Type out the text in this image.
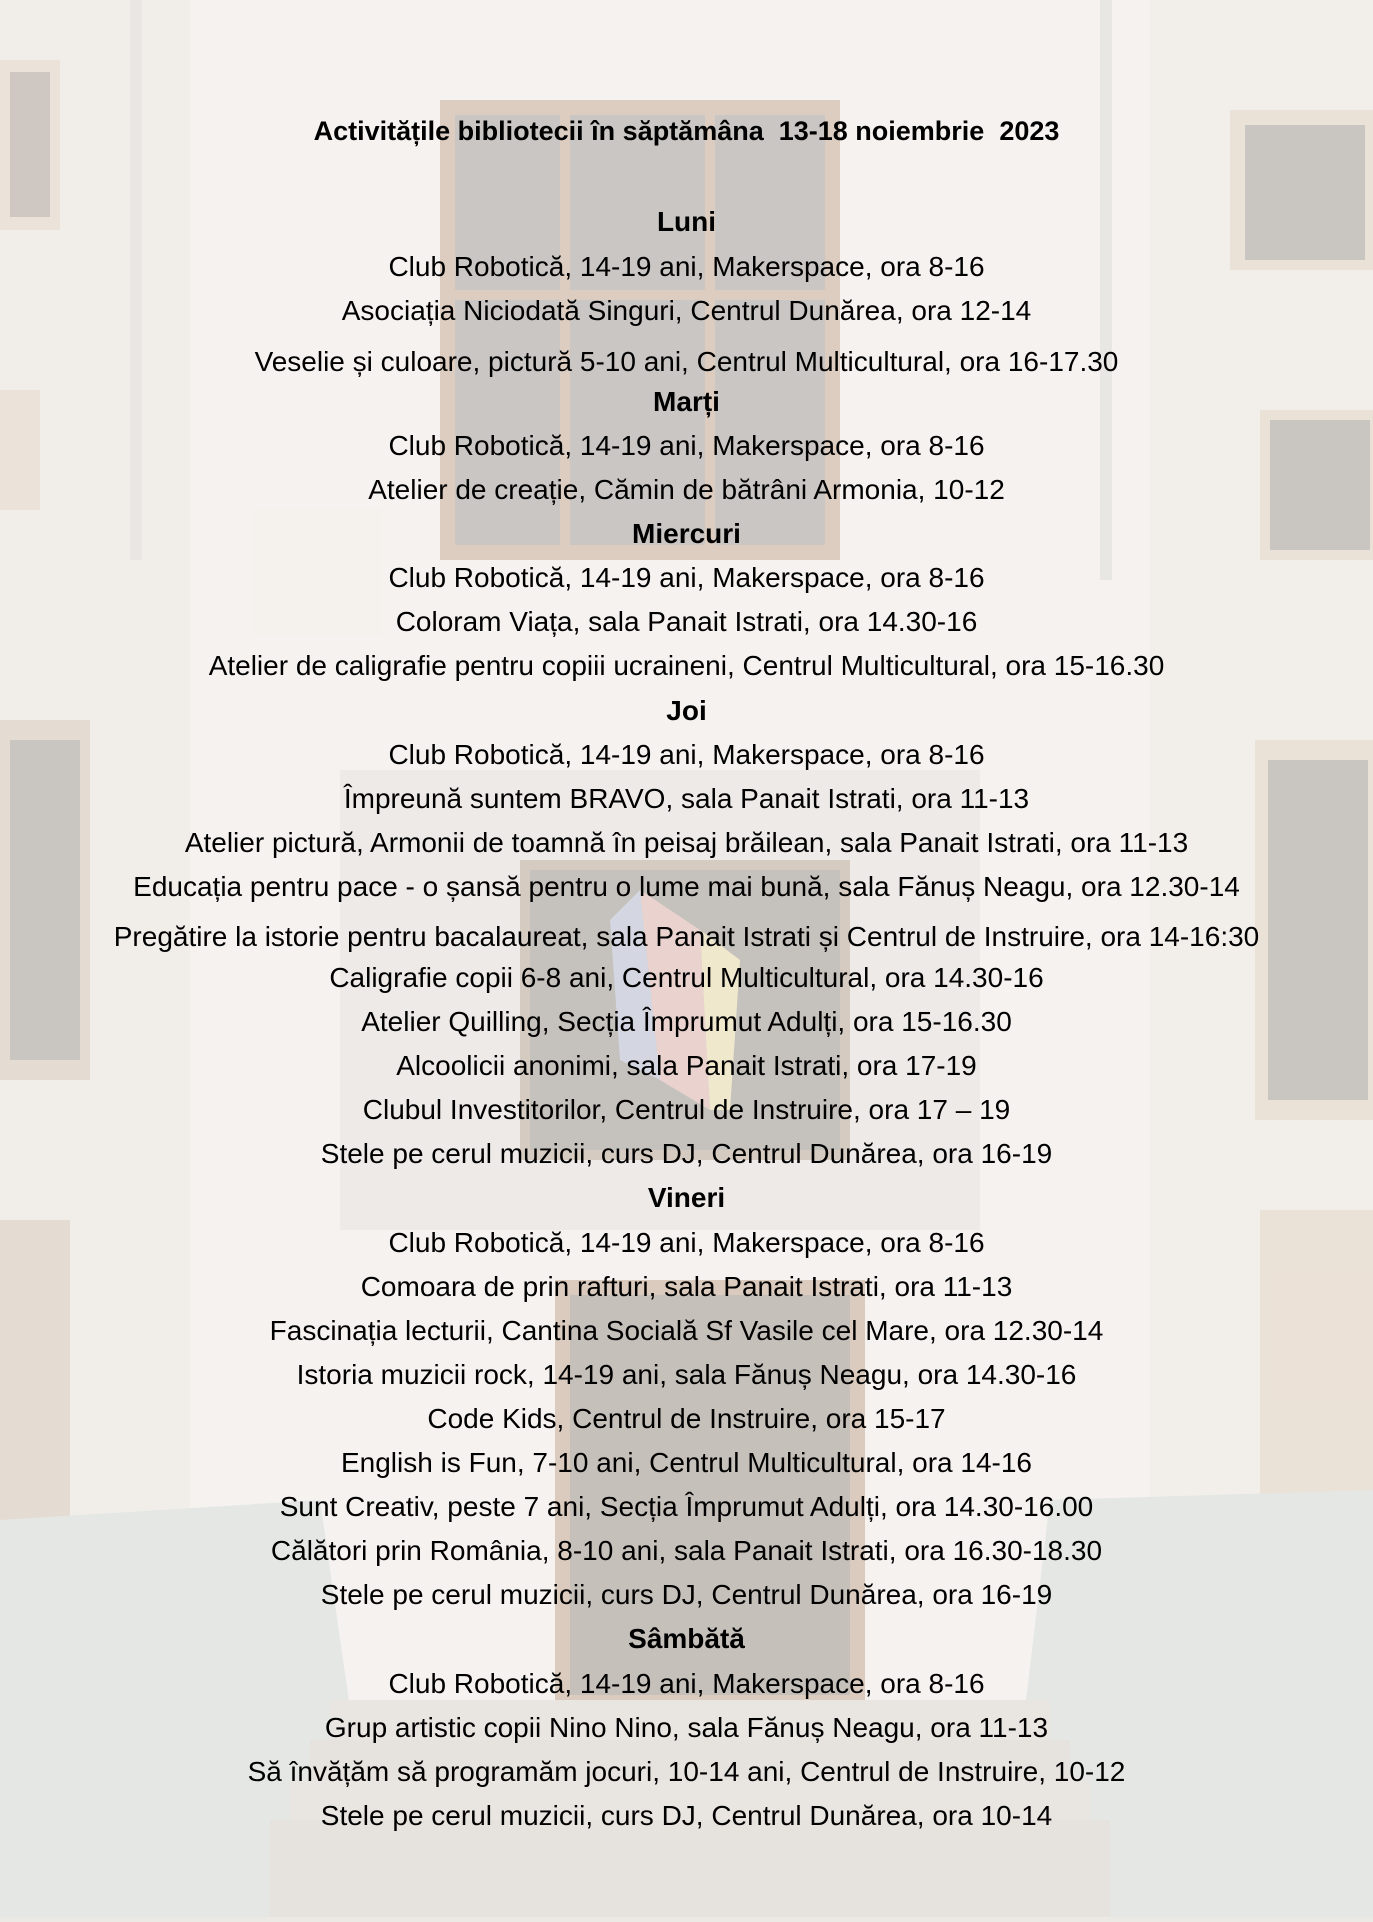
Activitățile bibliotecii în săptămâna  13-18 noiembrie  2023
Luni
Club Robotică, 14-19 ani, Makerspace, ora 8-16
Asociația Niciodată Singuri, Centrul Dunărea, ora 12-14
Veselie și culoare, pictură 5-10 ani, Centrul Multicultural, ora 16-17.30
Marți
Club Robotică, 14-19 ani, Makerspace, ora 8-16
Atelier de creație, Cămin de bătrâni Armonia, 10-12
Miercuri
Club Robotică, 14-19 ani, Makerspace, ora 8-16
Coloram Viața, sala Panait Istrati, ora 14.30-16
Atelier de caligrafie pentru copiii ucraineni, Centrul Multicultural, ora 15-16.30
Joi
Club Robotică, 14-19 ani, Makerspace, ora 8-16
Împreună suntem BRAVO, sala Panait Istrati, ora 11-13
Atelier pictură, Armonii de toamnă în peisaj brăilean, sala Panait Istrati, ora 11-13
Educația pentru pace - o șansă pentru o lume mai bună, sala Fănuș Neagu, ora 12.30-14
Pregătire la istorie pentru bacalaureat, sala Panait Istrati și Centrul de Instruire, ora 14-16:30
Caligrafie copii 6-8 ani, Centrul Multicultural, ora 14.30-16
Atelier Quilling, Secția Împrumut Adulți, ora 15-16.30
Alcoolicii anonimi, sala Panait Istrati, ora 17-19
Clubul Investitorilor, Centrul de Instruire, ora 17 – 19
Stele pe cerul muzicii, curs DJ, Centrul Dunărea, ora 16-19
Vineri
Club Robotică, 14-19 ani, Makerspace, ora 8-16
Comoara de prin rafturi, sala Panait Istrati, ora 11-13
Fascinația lecturii, Cantina Socială Sf Vasile cel Mare, ora 12.30-14
Istoria muzicii rock, 14-19 ani, sala Fănuș Neagu, ora 14.30-16
Code Kids, Centrul de Instruire, ora 15-17
English is Fun, 7-10 ani, Centrul Multicultural, ora 14-16
Sunt Creativ, peste 7 ani, Secția Împrumut Adulți, ora 14.30-16.00
Călători prin România, 8-10 ani, sala Panait Istrati, ora 16.30-18.30
Stele pe cerul muzicii, curs DJ, Centrul Dunărea, ora 16-19
Sâmbătă
Club Robotică, 14-19 ani, Makerspace, ora 8-16
Grup artistic copii Nino Nino, sala Fănuș Neagu, ora 11-13
Să învățăm să programăm jocuri, 10-14 ani, Centrul de Instruire, 10-12
Stele pe cerul muzicii, curs DJ, Centrul Dunărea, ora 10-14
